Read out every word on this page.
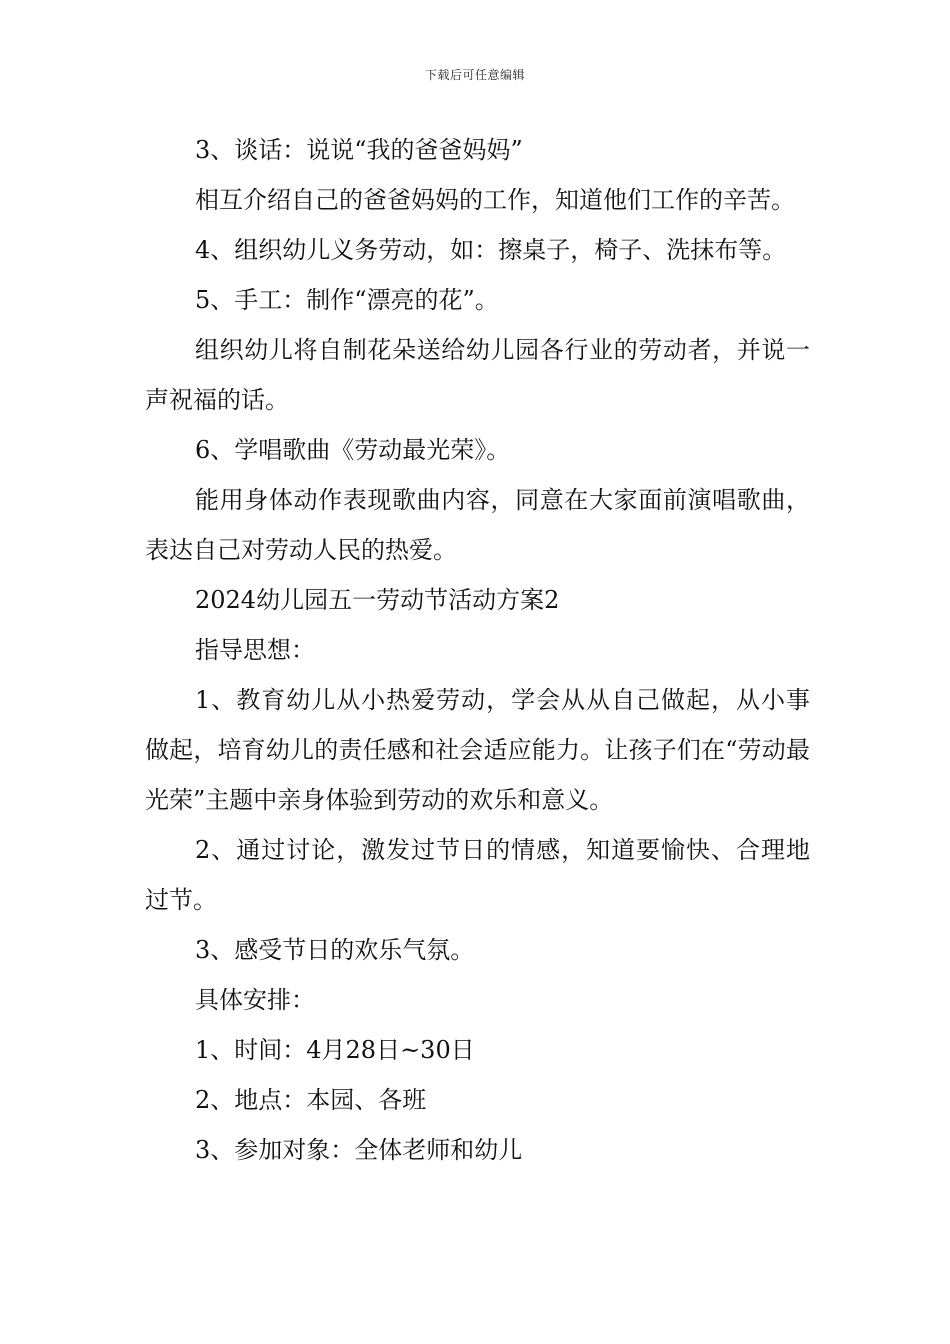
下载后可任意编辑

3、谈话：说说“我的爸爸妈妈”

相互介绍自己的爸爸妈妈的工作，知道他们工作的辛苦。

4、组织幼儿义务劳动，如：擦桌子，椅子、洗抹布等。

5、手工：制作“漂亮的花”。

组织幼儿将自制花朵送给幼儿园各行业的劳动者，并说一声祝福的话。

6、学唱歌曲《劳动最光荣》。

能用身体动作表现歌曲内容，同意在大家面前演唱歌曲，表达自己对劳动人民的热爱。

2024幼儿园五一劳动节活动方案2

指导思想：

1、教育幼儿从小热爱劳动，学会从从自己做起，从小事做起，培育幼儿的责任感和社会适应能力。让孩子们在“劳动最光荣”主题中亲身体验到劳动的欢乐和意义。

2、通过讨论，激发过节日的情感，知道要愉快、合理地过节。

3、感受节日的欢乐气氛。

具体安排：

1、时间：4月28日~30日

2、地点：本园、各班

3、参加对象：全体老师和幼儿
